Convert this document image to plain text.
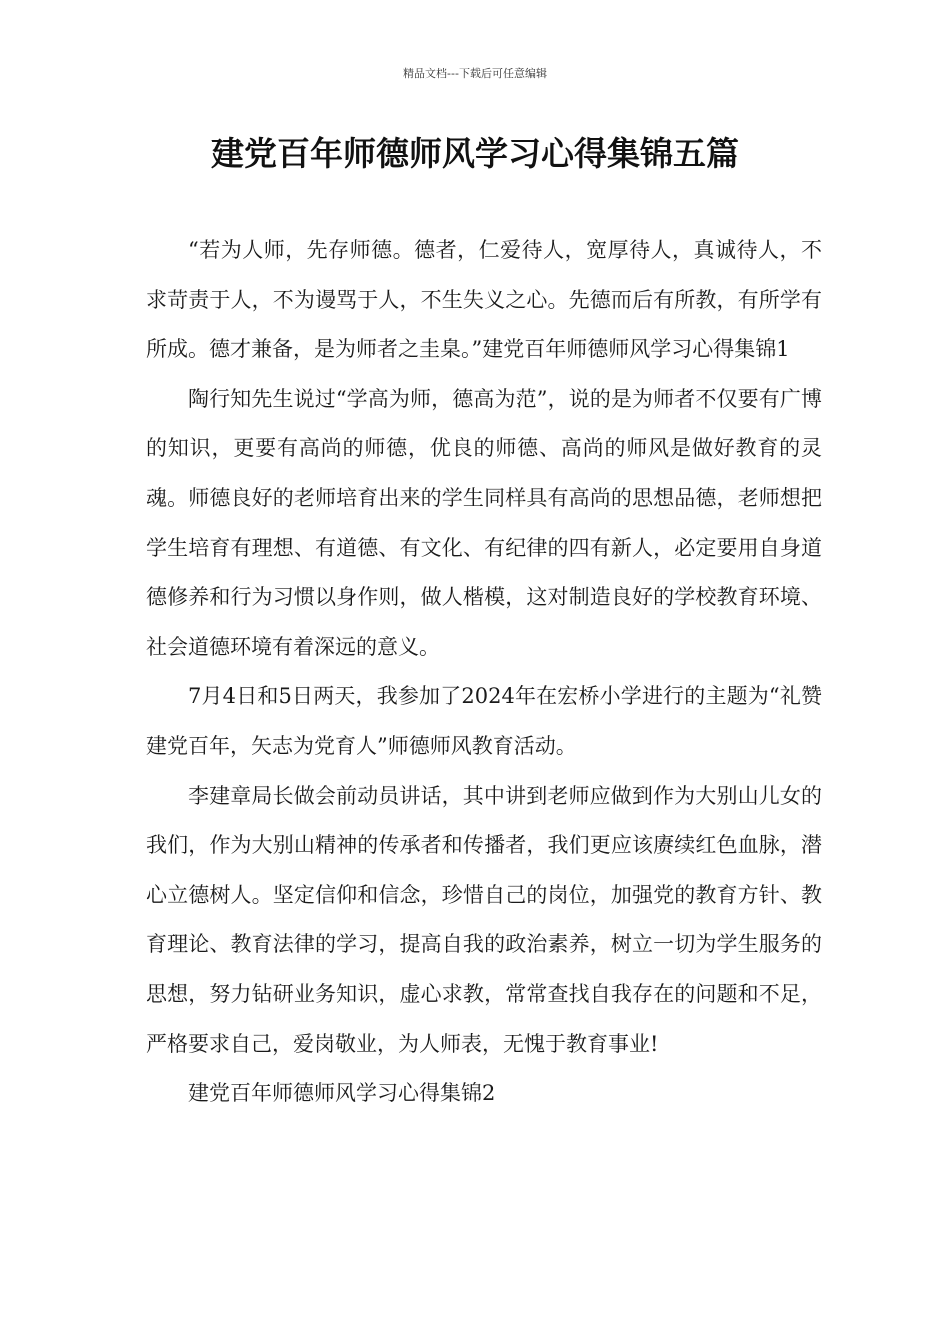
精品文档---下载后可任意编辑
建党百年师德师风学习心得集锦五篇

“若为人师，先存师德。德者，仁爱待人，宽厚待人，真诚待人，不求苛责于人，不为谩骂于人，不生失义之心。先德而后有所教，有所学有所成。德才兼备，是为师者之圭臬。”建党百年师德师风学习心得集锦1

陶行知先生说过“学高为师，德高为范”，说的是为师者不仅要有广博的知识，更要有高尚的师德，优良的师德、高尚的师风是做好教育的灵魂。师德良好的老师培育出来的学生同样具有高尚的思想品德，老师想把学生培育有理想、有道德、有文化、有纪律的四有新人，必定要用自身道德修养和行为习惯以身作则，做人楷模，这对制造良好的学校教育环境、社会道德环境有着深远的意义。

7月4日和5日两天，我参加了2024年在宏桥小学进行的主题为“礼赞建党百年，矢志为党育人”师德师风教育活动。

李建章局长做会前动员讲话，其中讲到老师应做到作为大别山儿女的我们，作为大别山精神的传承者和传播者，我们更应该赓续红色血脉，潜心立德树人。坚定信仰和信念，珍惜自己的岗位，加强党的教育方针、教育理论、教育法律的学习，提高自我的政治素养，树立一切为学生服务的思想，努力钻研业务知识，虚心求教，常常查找自我存在的问题和不足，严格要求自己，爱岗敬业，为人师表，无愧于教育事业!

建党百年师德师风学习心得集锦2
